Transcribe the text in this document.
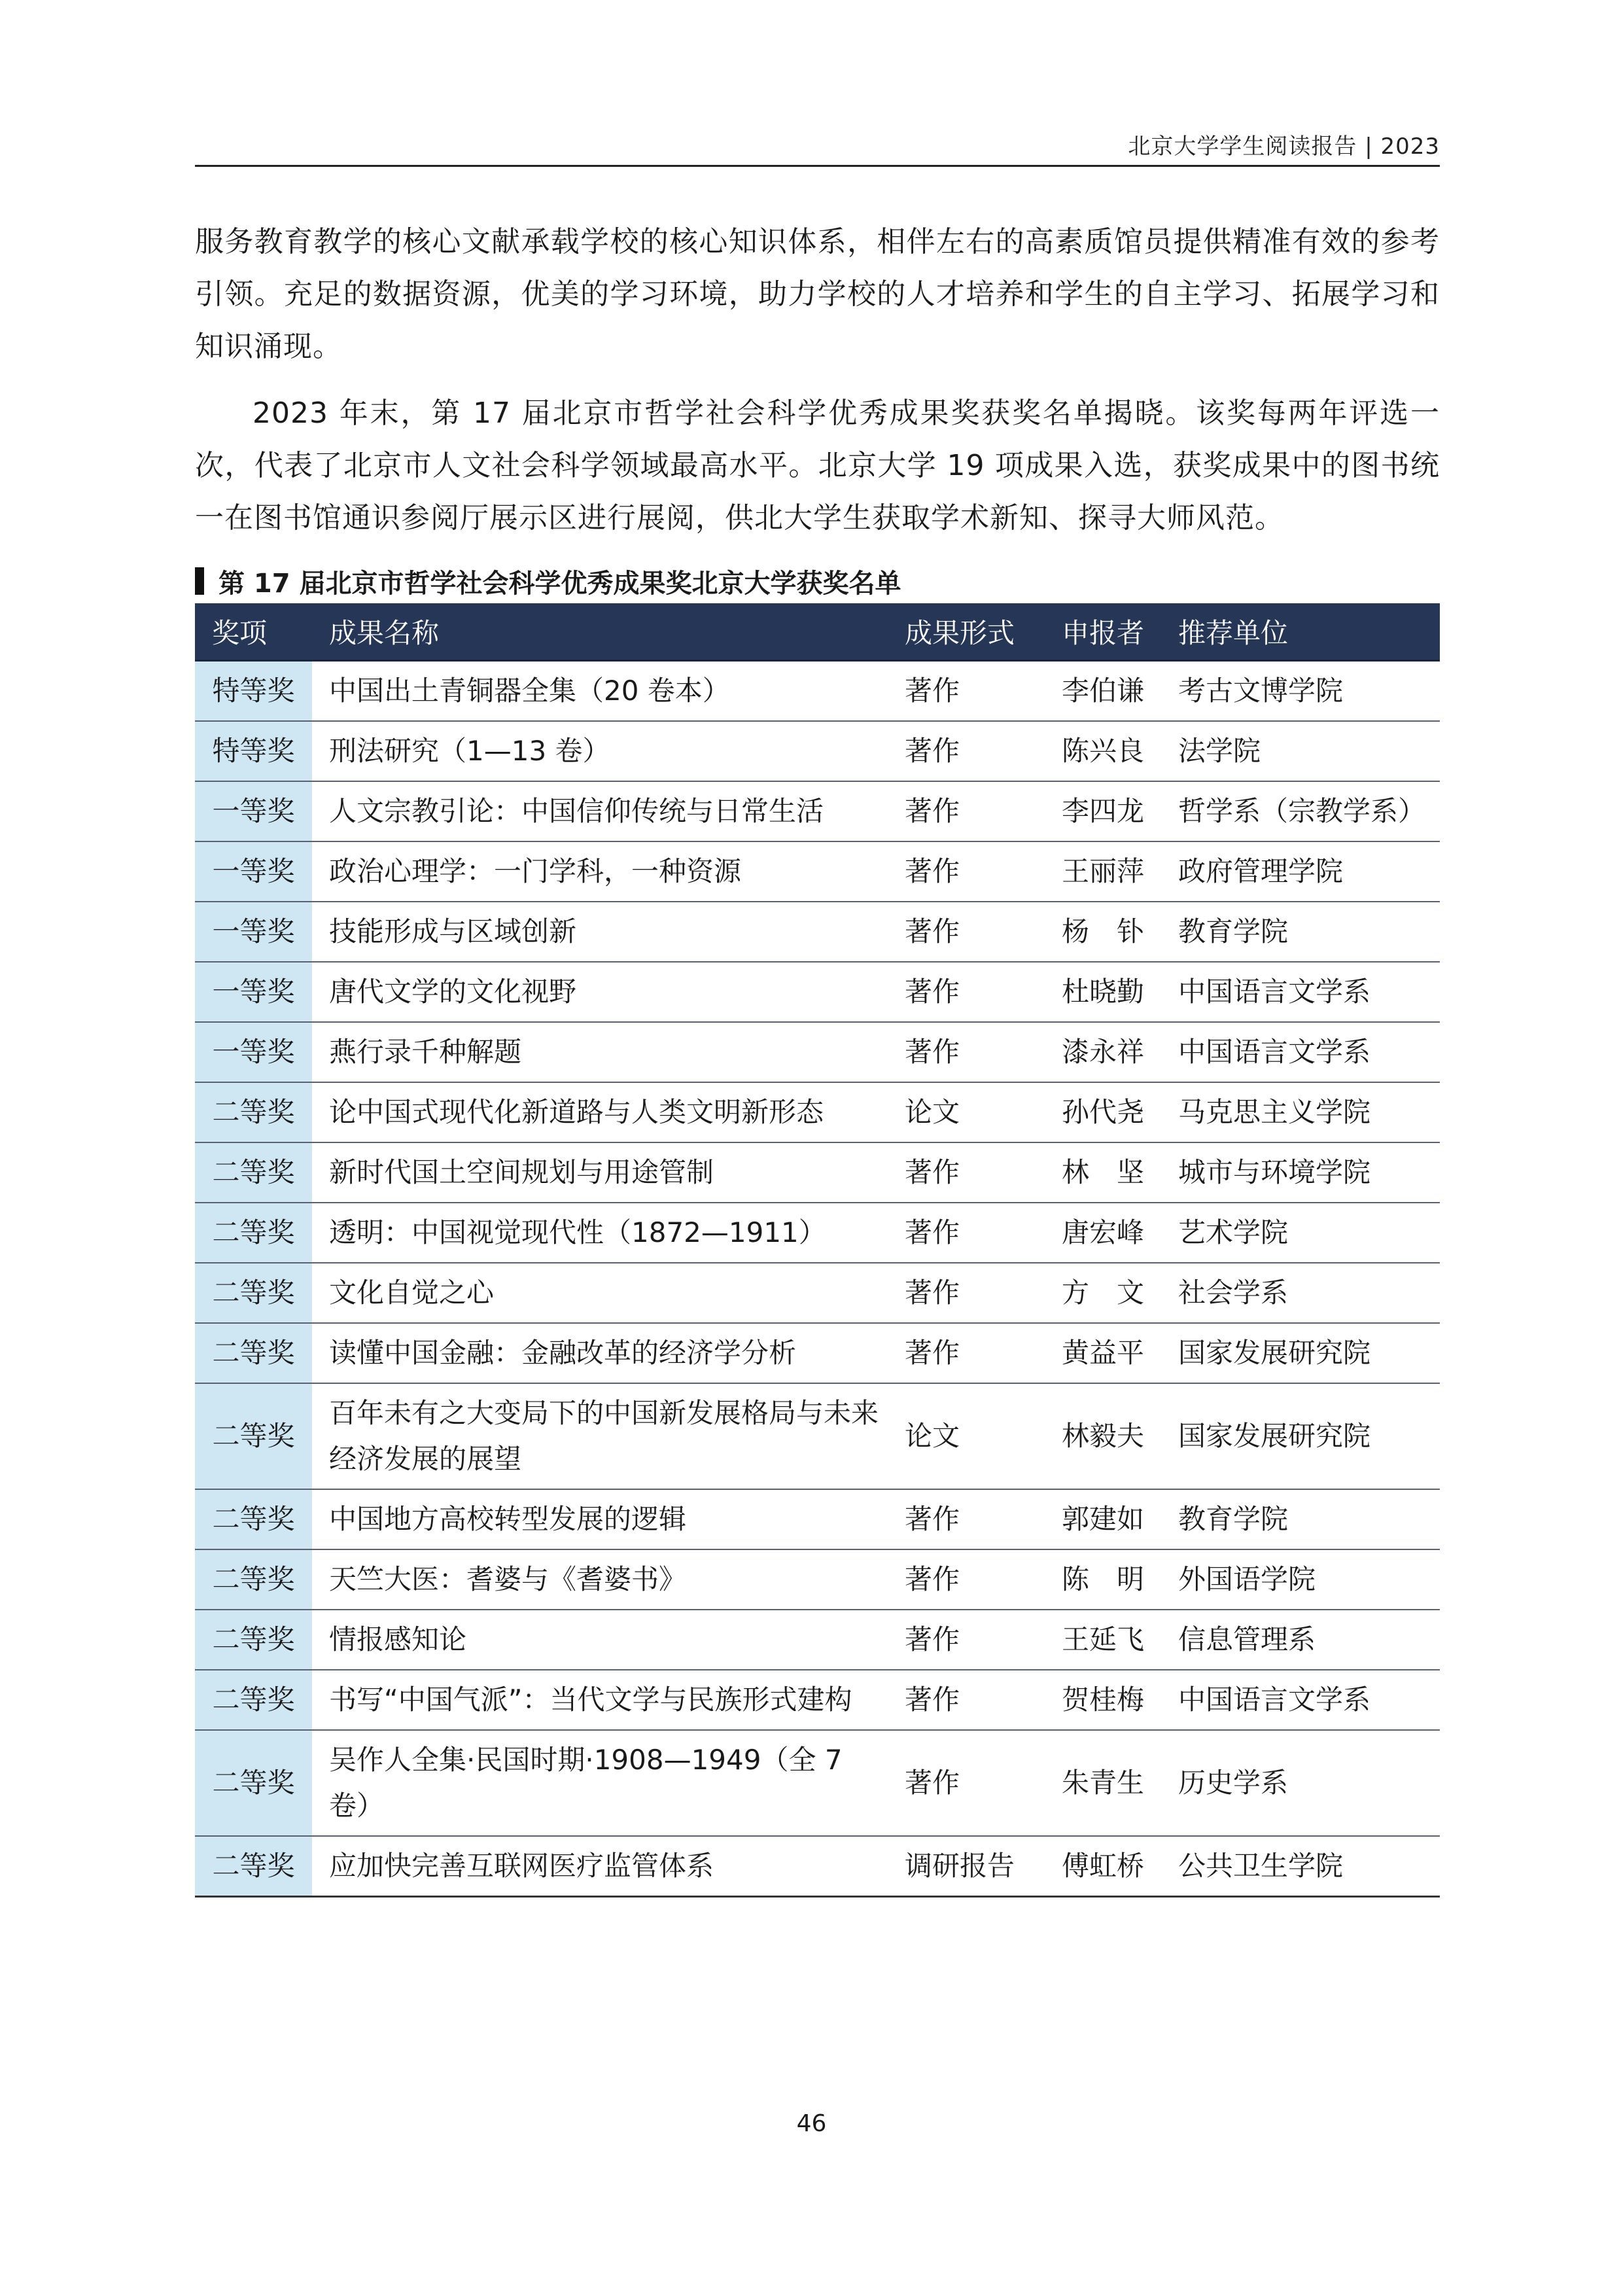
北京大学学生阅读报告 | 2023
服务教育教学的核心文献承载学校的核心知识体系，相伴左右的高素质馆员提供精准有效的参考引领。充足的数据资源，优美的学习环境，助力学校的人才培养和学生的自主学习、拓展学习和知识涌现。
2023 年末，第 17 届北京市哲学社会科学优秀成果奖获奖名单揭晓。该奖每两年评选一次，代表了北京市人文社会科学领域最高水平。北京大学 19 项成果入选，获奖成果中的图书统一在图书馆通识参阅厅展示区进行展阅，供北大学生获取学术新知、探寻大师风范。
第 17 届北京市哲学社会科学优秀成果奖北京大学获奖名单
奖项	成果名称	成果形式	申报者	推荐单位
特等奖	中国出土青铜器全集（20 卷本）	著作	李伯谦	考古文博学院
特等奖	刑法研究（1—13 卷）	著作	陈兴良	法学院
一等奖	人文宗教引论：中国信仰传统与日常生活	著作	李四龙	哲学系（宗教学系）
一等奖	政治心理学：一门学科，一种资源	著作	王丽萍	政府管理学院
一等奖	技能形成与区域创新	著作	杨　钋	教育学院
一等奖	唐代文学的文化视野	著作	杜晓勤	中国语言文学系
一等奖	燕行录千种解题	著作	漆永祥	中国语言文学系
二等奖	论中国式现代化新道路与人类文明新形态	论文	孙代尧	马克思主义学院
二等奖	新时代国土空间规划与用途管制	著作	林　坚	城市与环境学院
二等奖	透明：中国视觉现代性（1872—1911）	著作	唐宏峰	艺术学院
二等奖	文化自觉之心	著作	方　文	社会学系
二等奖	读懂中国金融：金融改革的经济学分析	著作	黄益平	国家发展研究院
二等奖	百年未有之大变局下的中国新发展格局与未来经济发展的展望	论文	林毅夫	国家发展研究院
二等奖	中国地方高校转型发展的逻辑	著作	郭建如	教育学院
二等奖	天竺大医：耆婆与《耆婆书》	著作	陈　明	外国语学院
二等奖	情报感知论	著作	王延飞	信息管理系
二等奖	书写“中国气派”：当代文学与民族形式建构	著作	贺桂梅	中国语言文学系
二等奖	吴作人全集·民国时期·1908—1949（全 7 卷）	著作	朱青生	历史学系
二等奖	应加快完善互联网医疗监管体系	调研报告	傅虹桥	公共卫生学院
46
